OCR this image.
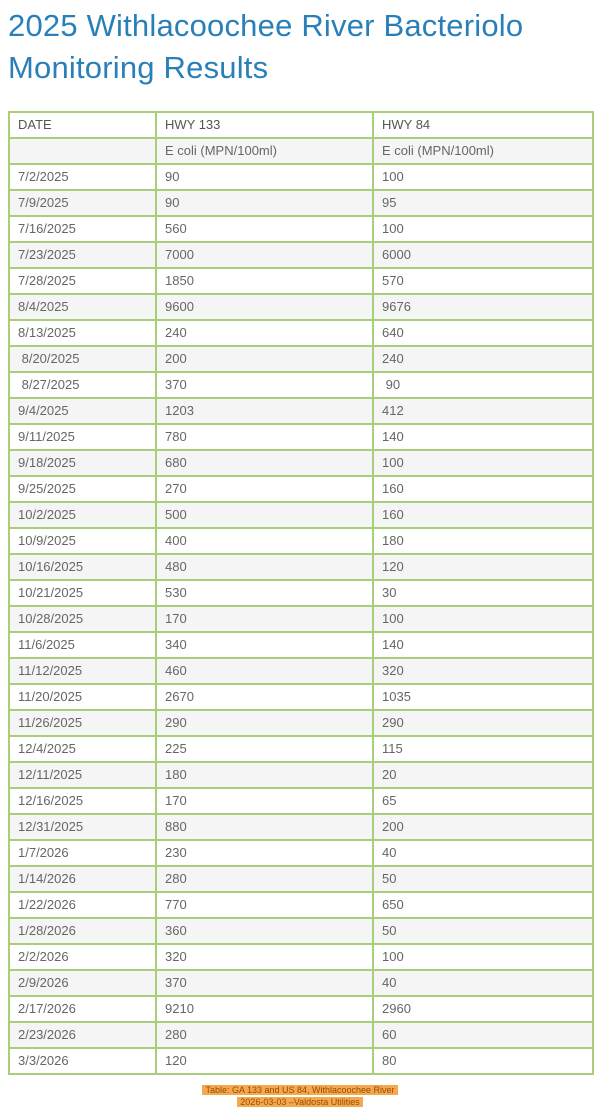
2025 Withlacoochee River Bacteriolo
Monitoring Results
DATE	HWY 133	HWY 84
	E coli (MPN/100ml)	E coli (MPN/100ml)
7/2/2025	90	100
7/9/2025	90	95
7/16/2025	560	100
7/23/2025	7000	6000
7/28/2025	1850	570
8/4/2025	9600	9676
8/13/2025	240	640
8/20/2025	200	240
8/27/2025	370	90
9/4/2025	1203	412
9/11/2025	780	140
9/18/2025	680	100
9/25/2025	270	160
10/2/2025	500	160
10/9/2025	400	180
10/16/2025	480	120
10/21/2025	530	30
10/28/2025	170	100
11/6/2025	340	140
11/12/2025	460	320
11/20/2025	2670	1035
11/26/2025	290	290
12/4/2025	225	115
12/11/2025	180	20
12/16/2025	170	65
12/31/2025	880	200
1/7/2026	230	40
1/14/2026	280	50
1/22/2026	770	650
1/28/2026	360	50
2/2/2026	320	100
2/9/2026	370	40
2/17/2026	9210	2960
2/23/2026	280	60
3/3/2026	120	80
Table: GA 133 and US 84, Withlacoochee River
2026-03-03 –Valdosta Utilities
